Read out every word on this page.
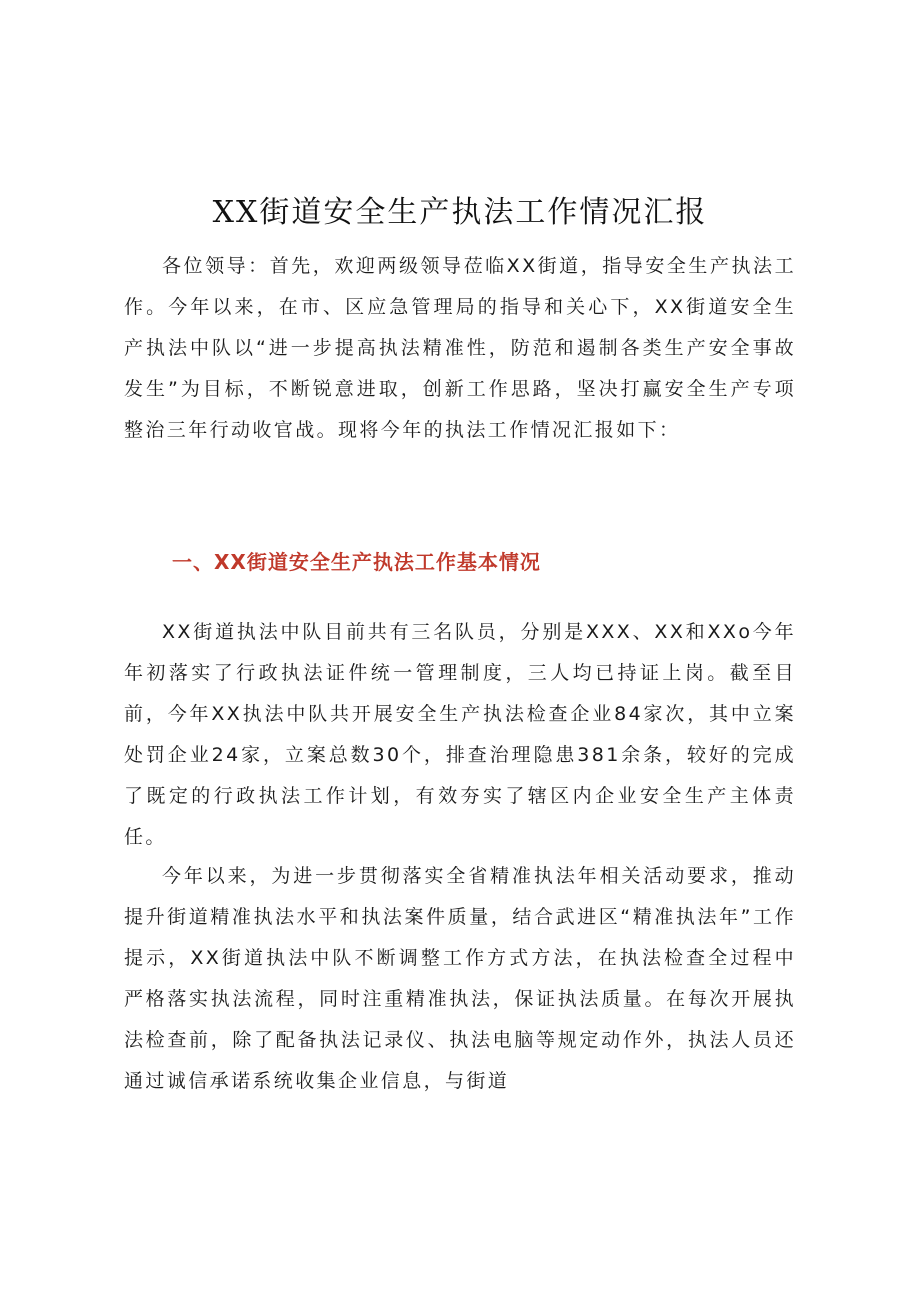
XX街道安全生产执法工作情况汇报

各位领导：首先，欢迎两级领导莅临XX街道，指导安全生产执法工作。今年以来，在市、区应急管理局的指导和关心下，XX街道安全生产执法中队以“进一步提高执法精准性，防范和遏制各类生产安全事故发生”为目标，不断锐意进取，创新工作思路，坚决打赢安全生产专项整治三年行动收官战。现将今年的执法工作情况汇报如下：

一、XX街道安全生产执法工作基本情况

XX街道执法中队目前共有三名队员，分别是XXX、XX和XXo今年年初落实了行政执法证件统一管理制度，三人均已持证上岗。截至目前，今年XX执法中队共开展安全生产执法检查企业84家次，其中立案处罚企业24家，立案总数30个，排查治理隐患381余条，较好的完成了既定的行政执法工作计划，有效夯实了辖区内企业安全生产主体责任。

今年以来，为进一步贯彻落实全省精准执法年相关活动要求，推动提升街道精准执法水平和执法案件质量，结合武进区“精准执法年”工作提示，XX街道执法中队不断调整工作方式方法，在执法检查全过程中严格落实执法流程，同时注重精准执法，保证执法质量。在每次开展执法检查前，除了配备执法记录仪、执法电脑等规定动作外，执法人员还通过诚信承诺系统收集企业信息，与街道
